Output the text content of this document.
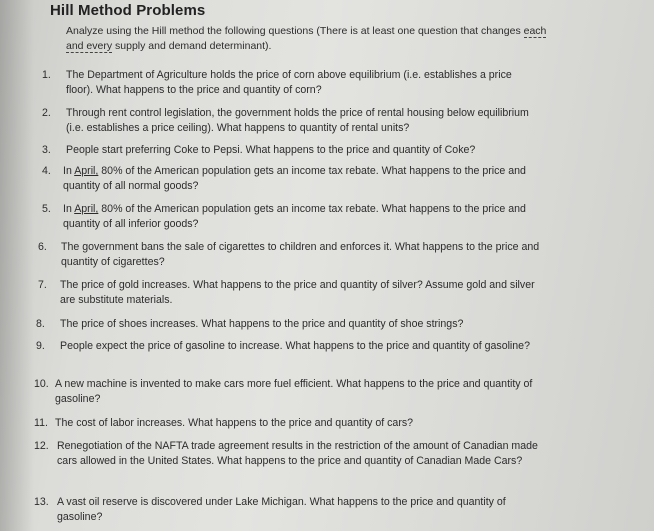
Hill Method Problems
Analyze using the Hill method the following questions (There is at least one question that changes each and every supply and demand determinant).
1. The Department of Agriculture holds the price of corn above equilibrium (i.e. establishes a price floor). What happens to the price and quantity of corn?
2. Through rent control legislation, the government holds the price of rental housing below equilibrium (i.e. establishes a price ceiling). What happens to quantity of rental units?
3. People start preferring Coke to Pepsi. What happens to the price and quantity of Coke?
4. In April, 80% of the American population gets an income tax rebate. What happens to the price and quantity of all normal goods?
5. In April, 80% of the American population gets an income tax rebate. What happens to the price and quantity of all inferior goods?
6. The government bans the sale of cigarettes to children and enforces it. What happens to the price and quantity of cigarettes?
7. The price of gold increases. What happens to the price and quantity of silver? Assume gold and silver are substitute materials.
8. The price of shoes increases. What happens to the price and quantity of shoe strings?
9. People expect the price of gasoline to increase. What happens to the price and quantity of gasoline?
10. A new machine is invented to make cars more fuel efficient. What happens to the price and quantity of gasoline?
11. The cost of labor increases. What happens to the price and quantity of cars?
12. Renegotiation of the NAFTA trade agreement results in the restriction of the amount of Canadian made cars allowed in the United States. What happens to the price and quantity of Canadian Made Cars?
13. A vast oil reserve is discovered under Lake Michigan. What happens to the price and quantity of gasoline?
